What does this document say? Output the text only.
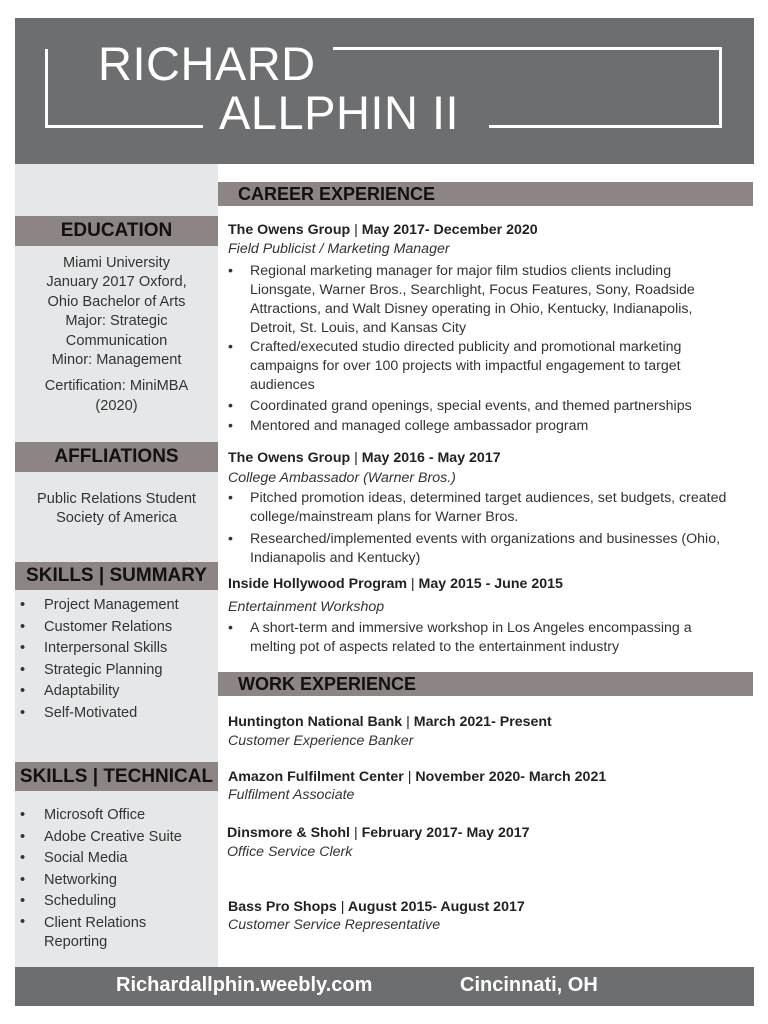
RICHARD
ALLPHIN II
EDUCATION
Miami University
January 2017 Oxford,
Ohio Bachelor of Arts
Major: Strategic
Communication
Minor: Management
Certification: MiniMBA
(2020)
AFFLIATIONS
Public Relations Student
Society of America
SKILLS | SUMMARY
• Project Management
• Customer Relations
• Interpersonal Skills
• Strategic Planning
• Adaptability
• Self-Motivated
SKILLS | TECHNICAL
• Microsoft Office
• Adobe Creative Suite
• Social Media
• Networking
• Scheduling
• Client Relations
Reporting
CAREER EXPERIENCE
The Owens Group | May 2017- December 2020
Field Publicist / Marketing Manager
• Regional marketing manager for major film studios clients including Lionsgate, Warner Bros., Searchlight, Focus Features, Sony, Roadside Attractions, and Walt Disney operating in Ohio, Kentucky, Indianapolis, Detroit, St. Louis, and Kansas City
• Crafted/executed studio directed publicity and promotional marketing campaigns for over 100 projects with impactful engagement to target audiences
• Coordinated grand openings, special events, and themed partnerships
• Mentored and managed college ambassador program
The Owens Group | May 2016 - May 2017
College Ambassador (Warner Bros.)
• Pitched promotion ideas, determined target audiences, set budgets, created college/mainstream plans for Warner Bros.
• Researched/implemented events with organizations and businesses (Ohio, Indianapolis and Kentucky)
Inside Hollywood Program | May 2015 - June 2015
Entertainment Workshop
• A short-term and immersive workshop in Los Angeles encompassing a melting pot of aspects related to the entertainment industry
WORK EXPERIENCE
Huntington National Bank | March 2021- Present
Customer Experience Banker
Amazon Fulfilment Center | November 2020- March 2021
Fulfilment Associate
Dinsmore & Shohl | February 2017- May 2017
Office Service Clerk
Bass Pro Shops | August 2015- August 2017
Customer Service Representative
Richardallphin.weebly.com	Cincinnati, OH
